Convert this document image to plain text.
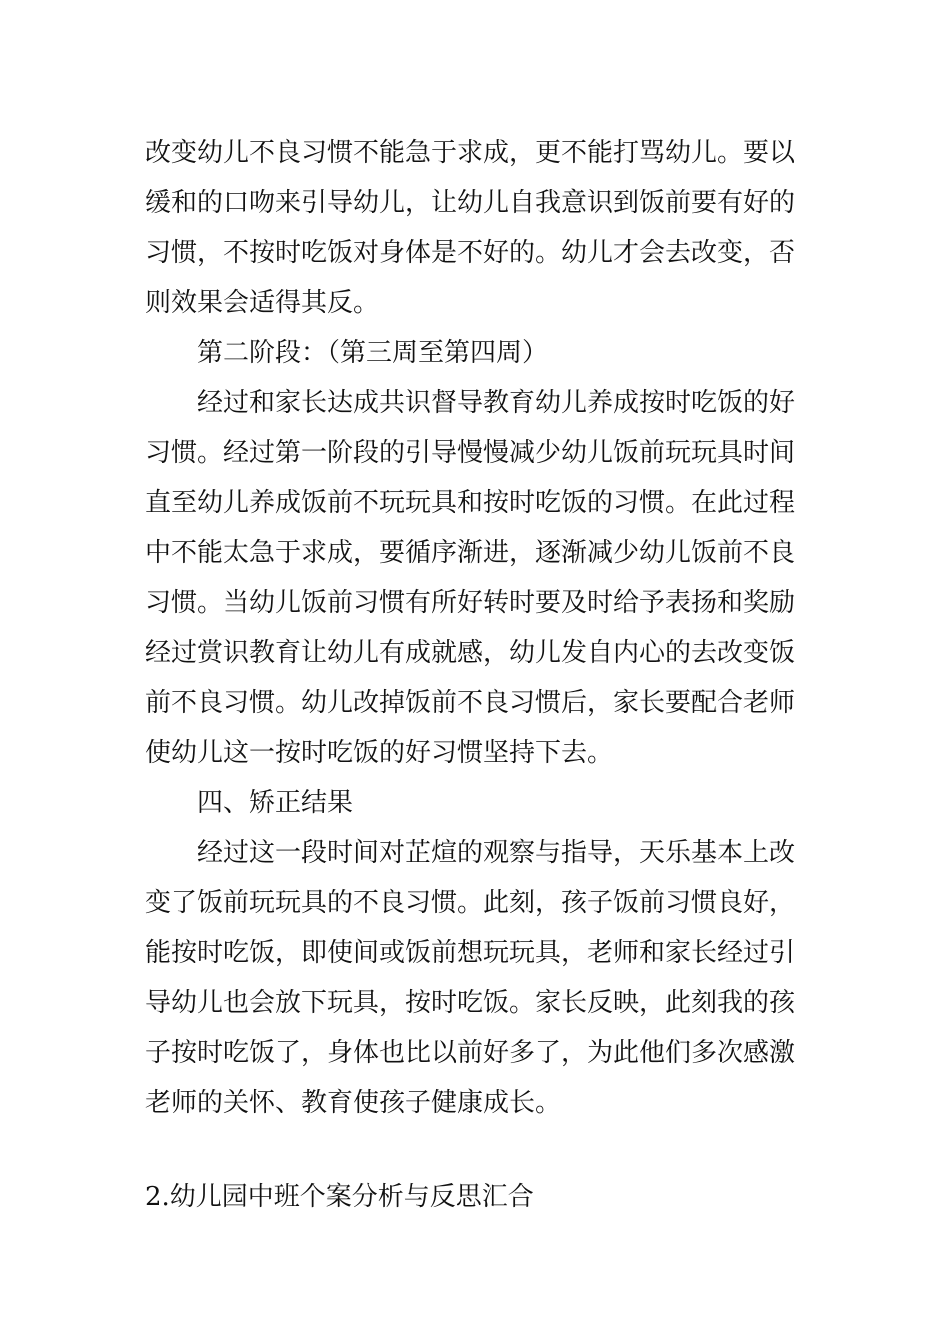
改变幼儿不良习惯不能急于求成，更不能打骂幼儿。要以
缓和的口吻来引导幼儿，让幼儿自我意识到饭前要有好的
习惯，不按时吃饭对身体是不好的。幼儿才会去改变，否
则效果会适得其反。
第二阶段：（第三周至第四周）
经过和家长达成共识督导教育幼儿养成按时吃饭的好
习惯。经过第一阶段的引导慢慢减少幼儿饭前玩玩具时间
直至幼儿养成饭前不玩玩具和按时吃饭的习惯。在此过程
中不能太急于求成，要循序渐进，逐渐减少幼儿饭前不良
习惯。当幼儿饭前习惯有所好转时要及时给予表扬和奖励
经过赏识教育让幼儿有成就感，幼儿发自内心的去改变饭
前不良习惯。幼儿改掉饭前不良习惯后，家长要配合老师
使幼儿这一按时吃饭的好习惯坚持下去。
四、矫正结果
经过这一段时间对芷煊的观察与指导，天乐基本上改
变了饭前玩玩具的不良习惯。此刻，孩子饭前习惯良好，
能按时吃饭，即使间或饭前想玩玩具，老师和家长经过引
导幼儿也会放下玩具，按时吃饭。家长反映，此刻我的孩
子按时吃饭了，身体也比以前好多了，为此他们多次感激
老师的关怀、教育使孩子健康成长。
2.幼儿园中班个案分析与反思汇合
